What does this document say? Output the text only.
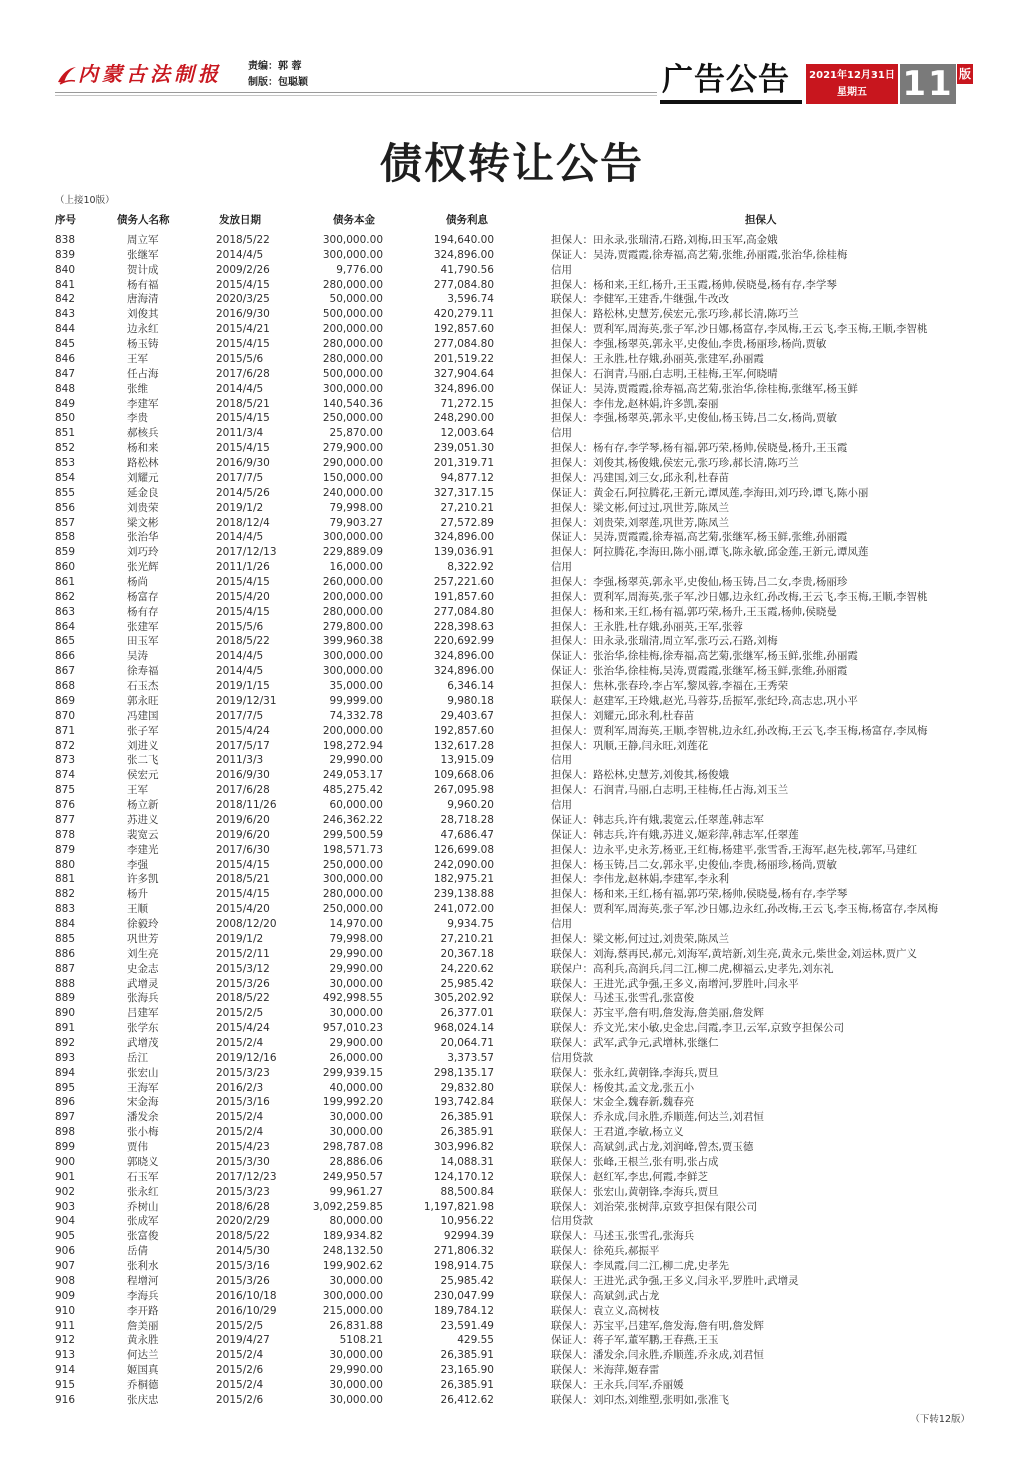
内蒙古法制报	责编：郭 蓉
制版：包聪颖	广告公告	2021年12月31日
星期五	11 版
债权转让公告
（上接10版）
序号	债务人名称	发放日期	债务本金	债务利息	担保人
838	周立军	2018/5/22	300,000.00	194,640.00	担保人：田永录,张瑞清,石路,刘梅,田玉军,高金娥
839	张继军	2014/4/5	300,000.00	324,896.00	保证人：吴涛,贾霞霞,徐寿福,高艺菊,张维,孙丽霞,张治华,徐桂梅
840	贺计成	2009/2/26	9,776.00	41,790.56	信用
841	杨有福	2015/4/15	280,000.00	277,084.80	担保人：杨和来,王红,杨升,王玉霞,杨帅,侯晓曼,杨有存,李学琴
842	唐海清	2020/3/25	50,000.00	3,596.74	联保人：李健军,王建香,牛继强,牛改改
843	刘俊其	2016/9/30	500,000.00	420,279.11	担保人：路松林,史慧芳,侯宏元,张巧珍,郝长清,陈巧兰
844	边永红	2015/4/21	200,000.00	192,857.60	担保人：贾利军,周海英,张子军,沙日娜,杨富存,李凤梅,王云飞,李玉梅,王顺,李智桃
845	杨玉铸	2015/4/15	280,000.00	277,084.80	担保人：李强,杨翠英,郭永平,史俊仙,李贵,杨丽珍,杨尚,贾敏
846	王军	2015/5/6	280,000.00	201,519.22	担保人：王永胜,杜存娥,孙丽英,张建军,孙丽霞
847	任占海	2017/6/28	500,000.00	327,904.64	担保人：石润青,马丽,白志明,王桂梅,王军,何晓晴
848	张维	2014/4/5	300,000.00	324,896.00	保证人：吴涛,贾霞霞,徐寿福,高艺菊,张治华,徐桂梅,张继军,杨玉鲜
849	李建军	2018/5/21	140,540.36	71,272.15	担保人：李伟龙,赵林娟,许多凯,秦丽
850	李贵	2015/4/15	250,000.00	248,290.00	担保人：李强,杨翠英,郭永平,史俊仙,杨玉铸,吕二女,杨尚,贾敏
851	郝核兵	2011/3/4	25,870.00	12,003.64	信用
852	杨和来	2015/4/15	279,900.00	239,051.30	担保人：杨有存,李学琴,杨有福,郭巧荣,杨帅,侯晓曼,杨升,王玉霞
853	路松林	2016/9/30	290,000.00	201,319.71	担保人：刘俊其,杨俊娥,侯宏元,张巧珍,郝长清,陈巧兰
854	刘耀元	2017/7/5	150,000.00	94,877.12	担保人：冯建国,刘三女,邱永利,杜春苗
855	延金良	2014/5/26	240,000.00	327,317.15	保证人：黄金石,阿拉腾花,王新元,谭凤莲,李海田,刘巧玲,谭飞,陈小丽
856	刘贵荣	2019/1/2	79,998.00	27,210.21	担保人：梁文彬,何过过,巩世芳,陈凤兰
857	梁文彬	2018/12/4	79,903.27	27,572.89	担保人：刘贵荣,刘翠莲,巩世芳,陈凤兰
858	张治华	2014/4/5	300,000.00	324,896.00	保证人：吴涛,贾霞霞,徐寿福,高艺菊,张继军,杨玉鲜,张维,孙丽霞
859	刘巧玲	2017/12/13	229,889.09	139,036.91	担保人：阿拉腾花,李海田,陈小丽,谭飞,陈永敏,邱金莲,王新元,谭凤莲
860	张光辉	2011/1/26	16,000.00	8,322.92	信用
861	杨尚	2015/4/15	260,000.00	257,221.60	担保人：李强,杨翠英,郭永平,史俊仙,杨玉铸,吕二女,李贵,杨丽珍
862	杨富存	2015/4/20	200,000.00	191,857.60	担保人：贾利军,周海英,张子军,沙日娜,边永红,孙改梅,王云飞,李玉梅,王顺,李智桃
863	杨有存	2015/4/15	280,000.00	277,084.80	担保人：杨和来,王红,杨有福,郭巧荣,杨升,王玉霞,杨帅,侯晓曼
864	张建军	2015/5/6	279,800.00	228,398.63	担保人：王永胜,杜存娥,孙丽英,王军,张蓉
865	田玉军	2018/5/22	399,960.38	220,692.99	担保人：田永录,张瑞清,周立军,张巧云,石路,刘梅
866	吴涛	2014/4/5	300,000.00	324,896.00	保证人：张治华,徐桂梅,徐寿福,高艺菊,张继军,杨玉鲜,张维,孙丽霞
867	徐寿福	2014/4/5	300,000.00	324,896.00	保证人：张治华,徐桂梅,吴涛,贾霞霞,张继军,杨玉鲜,张维,孙丽霞
868	石玉杰	2019/1/15	35,000.00	6,346.14	担保人：焦林,张春玲,李占军,黎凤蓉,李福在,王秀荣
869	郭永旺	2019/12/31	99,999.00	9,980.18	联保人：赵建军,王玲娥,赵光,马蓉芬,岳振军,张纪玲,高志忠,巩小平
870	冯建国	2017/7/5	74,332.78	29,403.67	担保人：刘耀元,邱永利,杜春苗
871	张子军	2015/4/24	200,000.00	192,857.60	担保人：贾利军,周海英,王顺,李智桃,边永红,孙改梅,王云飞,李玉梅,杨富存,李凤梅
872	刘进义	2017/5/17	198,272.94	132,617.28	担保人：巩顺,王静,闫永旺,刘莲花
873	张二飞	2011/3/3	29,990.00	13,915.09	信用
874	侯宏元	2016/9/30	249,053.17	109,668.06	担保人：路松林,史慧芳,刘俊其,杨俊娥
875	王军	2017/6/28	485,275.42	267,095.98	担保人：石润青,马丽,白志明,王桂梅,任占海,刘玉兰
876	杨立新	2018/11/26	60,000.00	9,960.20	信用
877	苏进义	2019/6/20	246,362.22	28,718.28	保证人：韩志兵,许有娥,裴宽云,任翠莲,韩志军
878	裴宽云	2019/6/20	299,500.59	47,686.47	保证人：韩志兵,许有娥,苏进义,姬彩萍,韩志军,任翠莲
879	李建光	2017/6/30	198,571.73	126,699.08	担保人：边永平,史永芳,杨亚,王红梅,杨建平,张雪香,王海军,赵先枝,郭军,马建红
880	李强	2015/4/15	250,000.00	242,090.00	担保人：杨玉铸,吕二女,郭永平,史俊仙,李贵,杨丽珍,杨尚,贾敏
881	许多凯	2018/5/21	300,000.00	182,975.21	担保人：李伟龙,赵林娟,李建军,李永利
882	杨升	2015/4/15	280,000.00	239,138.88	担保人：杨和来,王红,杨有福,郭巧荣,杨帅,侯晓曼,杨有存,李学琴
883	王顺	2015/4/20	250,000.00	241,072.00	担保人：贾利军,周海英,张子军,沙日娜,边永红,孙改梅,王云飞,李玉梅,杨富存,李凤梅
884	徐毅玲	2008/12/20	14,970.00	9,934.75	信用
885	巩世芳	2019/1/2	79,998.00	27,210.21	担保人：梁文彬,何过过,刘贵荣,陈凤兰
886	刘生亮	2015/2/11	29,990.00	20,367.18	联保人：刘海,蔡再民,郝元,刘海军,黄培新,刘生亮,黄永元,柴世金,刘运林,贾广义
887	史金志	2015/3/12	29,990.00	24,220.62	联保户：高利兵,高润兵,闫二江,柳二虎,柳福云,史孝先,刘东礼
888	武增灵	2015/3/26	30,000.00	25,985.42	联保人：王进光,武争强,王多义,南增河,罗胜叶,闫永平
889	张海兵	2018/5/22	492,998.55	305,202.92	联保人：马述玉,张雪孔,张富俊
890	吕建军	2015/2/5	30,000.00	26,377.01	联保人：苏宝平,詹有明,詹发海,詹美丽,詹发辉
891	张学东	2015/4/24	957,010.23	968,024.14	联保人：乔文光,宋小敏,史金忠,闫霞,李卫,云军,京致亨担保公司
892	武增茂	2015/2/4	29,900.00	20,064.71	联保人：武军,武争元,武增林,张继仁
893	岳江	2019/12/16	26,000.00	3,373.57	信用贷款
894	张宏山	2015/3/23	299,939.15	298,135.17	联保人：张永红,黄朝锋,李海兵,贾旦
895	王海军	2016/2/3	40,000.00	29,832.80	联保人：杨俊其,孟文龙,张五小
896	宋金海	2015/3/16	199,992.20	193,742.84	联保人：宋金全,魏春新,魏春亮
897	潘发余	2015/2/4	30,000.00	26,385.91	联保人：乔永成,闫永胜,乔顺莲,何达兰,刘君恒
898	张小梅	2015/2/4	30,000.00	26,385.91	联保人：王君道,李敏,杨立义
899	贾伟	2015/4/23	298,787.08	303,996.82	联保人：高斌剑,武占龙,刘润峰,曾杰,贾玉德
900	郭晓义	2015/3/30	28,886.06	14,088.31	联保人：张峰,王根兰,张有明,张占成
901	石玉军	2017/12/23	249,950.57	124,170.12	联保人：赵红军,李忠,何霞,李鲜芝
902	张永红	2015/3/23	99,961.27	88,500.84	联保人：张宏山,黄朝锋,李海兵,贾旦
903	乔树山	2018/6/28	3,092,259.85	1,197,821.98	联保人：刘治荣,张树萍,京致亨担保有限公司
904	张成军	2020/2/29	80,000.00	10,956.22	信用贷款
905	张富俊	2018/5/22	189,934.82	92994.39	联保人：马述玉,张雪孔,张海兵
906	岳倩	2014/5/30	248,132.50	271,806.32	联保人：徐苑兵,郝振平
907	张利水	2015/3/16	199,902.62	198,914.75	联保人：李凤霞,闫二江,柳二虎,史孝先
908	程增河	2015/3/26	30,000.00	25,985.42	联保人：王进光,武争强,王多义,闫永平,罗胜叶,武增灵
909	李海兵	2016/10/18	300,000.00	230,047.99	联保人：高斌剑,武占龙
910	李开路	2016/10/29	215,000.00	189,784.12	联保人：袁立义,高树枝
911	詹美丽	2015/2/5	26,831.88	23,591.49	联保人：苏宝平,吕建军,詹发海,詹有明,詹发辉
912	黄永胜	2019/4/27	5108.21	429.55	保证人：蒋子军,董军鹏,王春燕,王玉
913	何达兰	2015/2/4	30,000.00	26,385.91	联保人：潘发余,闫永胜,乔顺莲,乔永成,刘君恒
914	姬国真	2015/2/6	29,990.00	23,165.90	联保人：米海萍,姬春雷
915	乔桐德	2015/2/4	30,000.00	26,385.91	联保人：王永兵,闫军,乔丽媛
916	张庆忠	2015/2/6	30,000.00	26,412.62	联保人：刘印杰,刘维塑,张明如,张准飞
（下转12版）
